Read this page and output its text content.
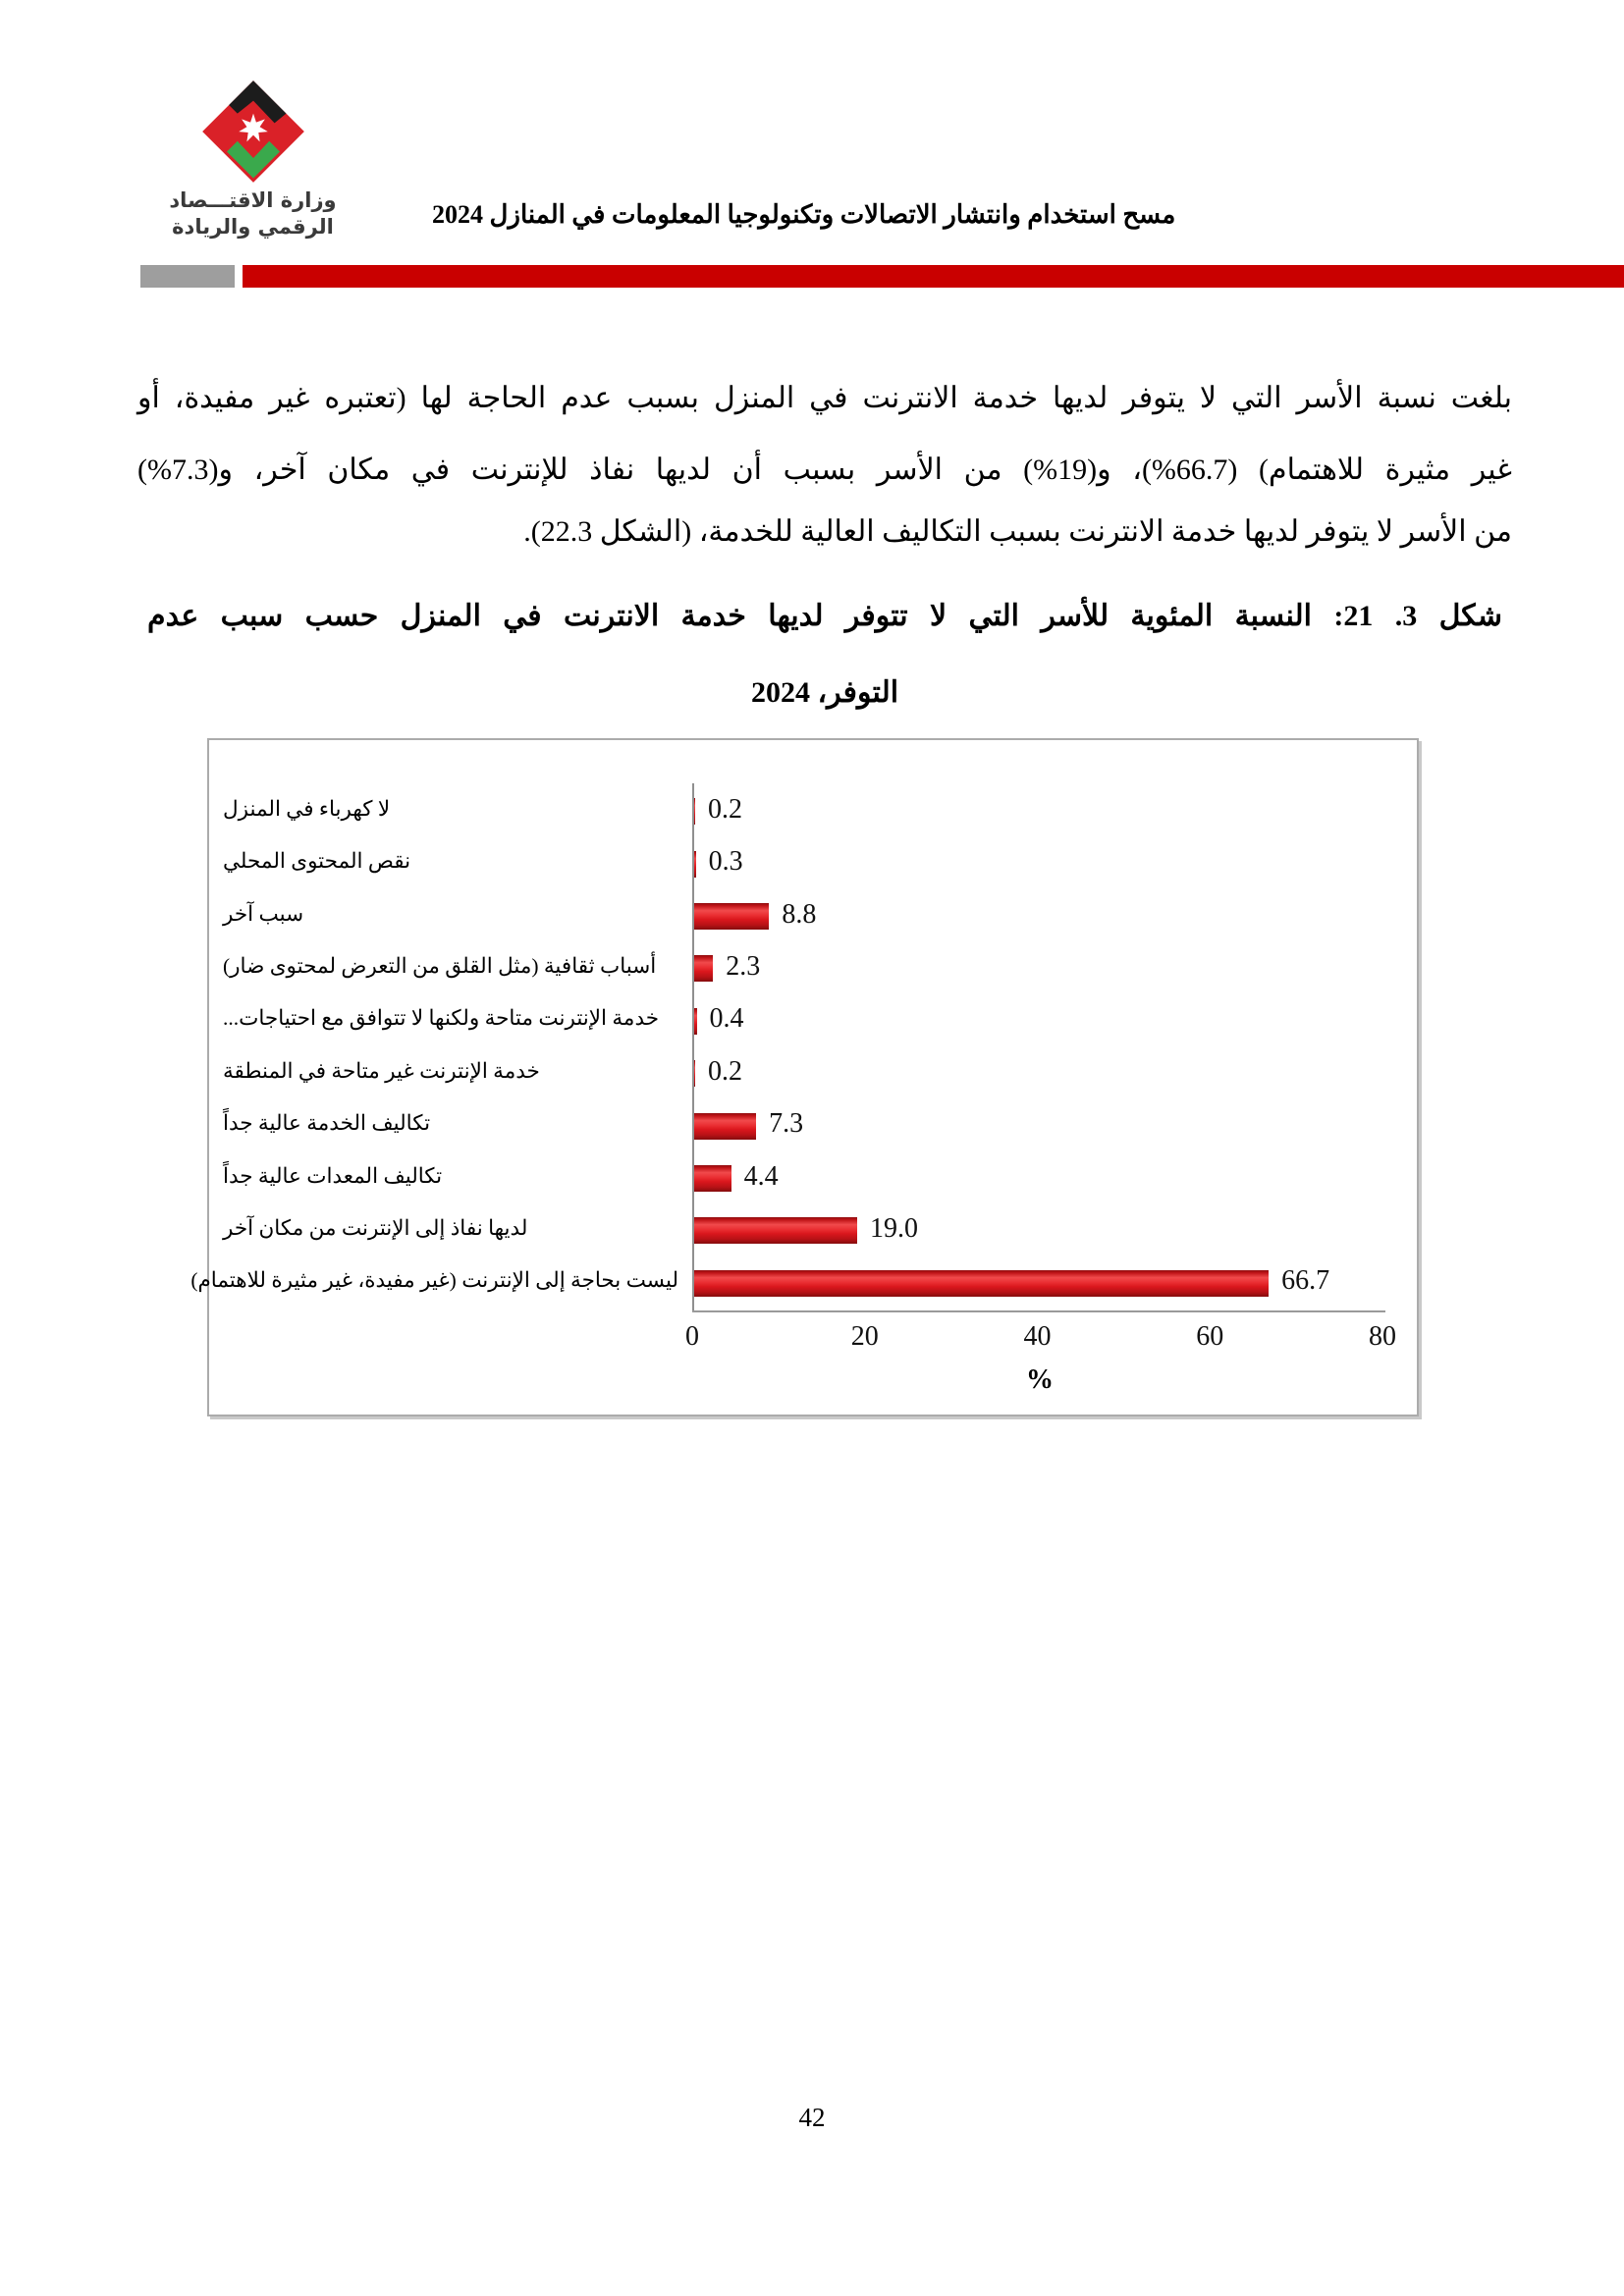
وزارة الاقتـــصاد
الرقمي والريادة	مسح استخدام وانتشار الاتصالات وتكنولوجيا المعلومات في المنازل 2024
بلغت نسبة الأسر التي لا يتوفر لديها خدمة الانترنت في المنزل بسبب عدم الحاجة لها (تعتبره غير مفيدة، أو
غير مثيرة للاهتمام) (66.7%)، و(19%) من الأسر بسبب أن لديها نفاذ للإنترنت في مكان آخر، و(7.3%)
من الأسر لا يتوفر لديها خدمة الانترنت بسبب التكاليف العالية للخدمة، (الشكل 22.3).
شكل 3. 21: النسبة المئوية للأسر التي لا تتوفر لديها خدمة الانترنت في المنزل حسب سبب عدم
التوفر، 2024
لا كهرباء في المنزل	0.2
نقص المحتوى المحلي	0.3
سبب آخر	8.8
أسباب ثقافية (مثل القلق من التعرض لمحتوى ضار)	2.3
خدمة الإنترنت متاحة ولكنها لا تتوافق مع احتياجات...	0.4
خدمة الإنترنت غير متاحة في المنطقة	0.2
تكاليف الخدمة عالية جداً	7.3
تكاليف المعدات عالية جداً	4.4
لديها نفاذ إلى الإنترنت من مكان آخر	19.0
ليست بحاجة إلى الإنترنت (غير مفيدة، غير مثيرة للاهتمام)	66.7
0	20	40	60	80
%
42
